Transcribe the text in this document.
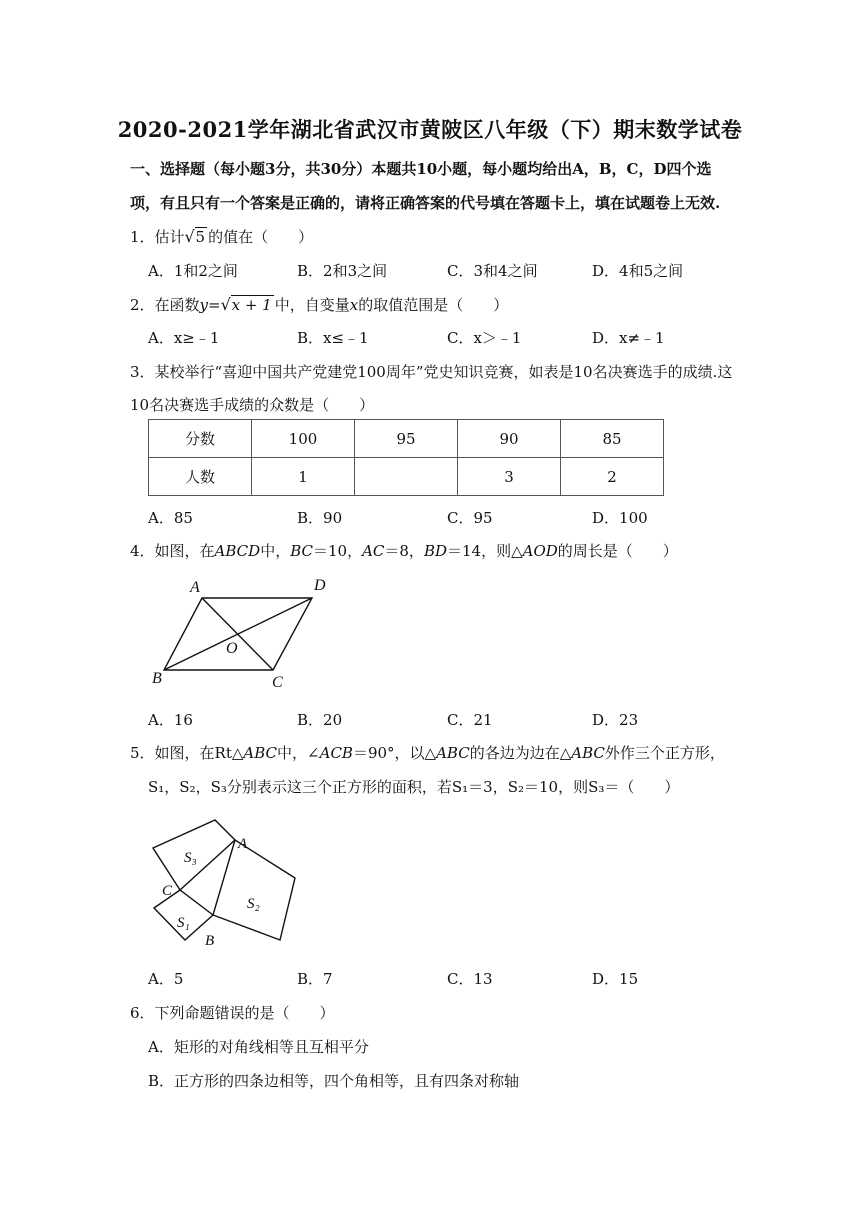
2020-2021学年湖北省武汉市黄陂区八年级（下）期末数学试卷
一、选择题（每小题3分，共30分）本题共10小题，每小题均给出A，B，C，D四个选
项，有且只有一个答案是正确的，请将正确答案的代号填在答题卡上，填在试题卷上无效.
1．估计 √ 5 的值在（　　）
A．1和2之间	B．2和3之间	C．3和4之间	D．4和5之间
2．在函数y= √ x + 1 中，自变量x的取值范围是（　　）
A．x≥﹣1	B．x≤﹣1	C．x＞﹣1	D．x≠﹣1
3．某校举行“喜迎中国共产党建党100周年”党史知识竞赛，如表是10名决赛选手的成绩.这
10名决赛选手成绩的众数是（　　）
分数	100	95	90	85
人数	1		3	2
A．85	B．90	C．95	D．100
4．如图，在ABCD中，BC＝10，AC＝8，BD＝14，则△AOD的周长是（　　）
A	D
O
B	C
A．16	B．20	C．21	D．23
5．如图，在Rt△ABC中，∠ACB＝90°，以△ABC的各边为边在△ABC外作三个正方形，
S₁，S₂，S₃分别表示这三个正方形的面积，若S₁＝3，S₂＝10，则S₃＝（　　）
S₃
A
C
S₂
S₁
B
A．5	B．7	C．13	D．15
6．下列命题错误的是（　　）
A．矩形的对角线相等且互相平分
B．正方形的四条边相等，四个角相等，且有四条对称轴
